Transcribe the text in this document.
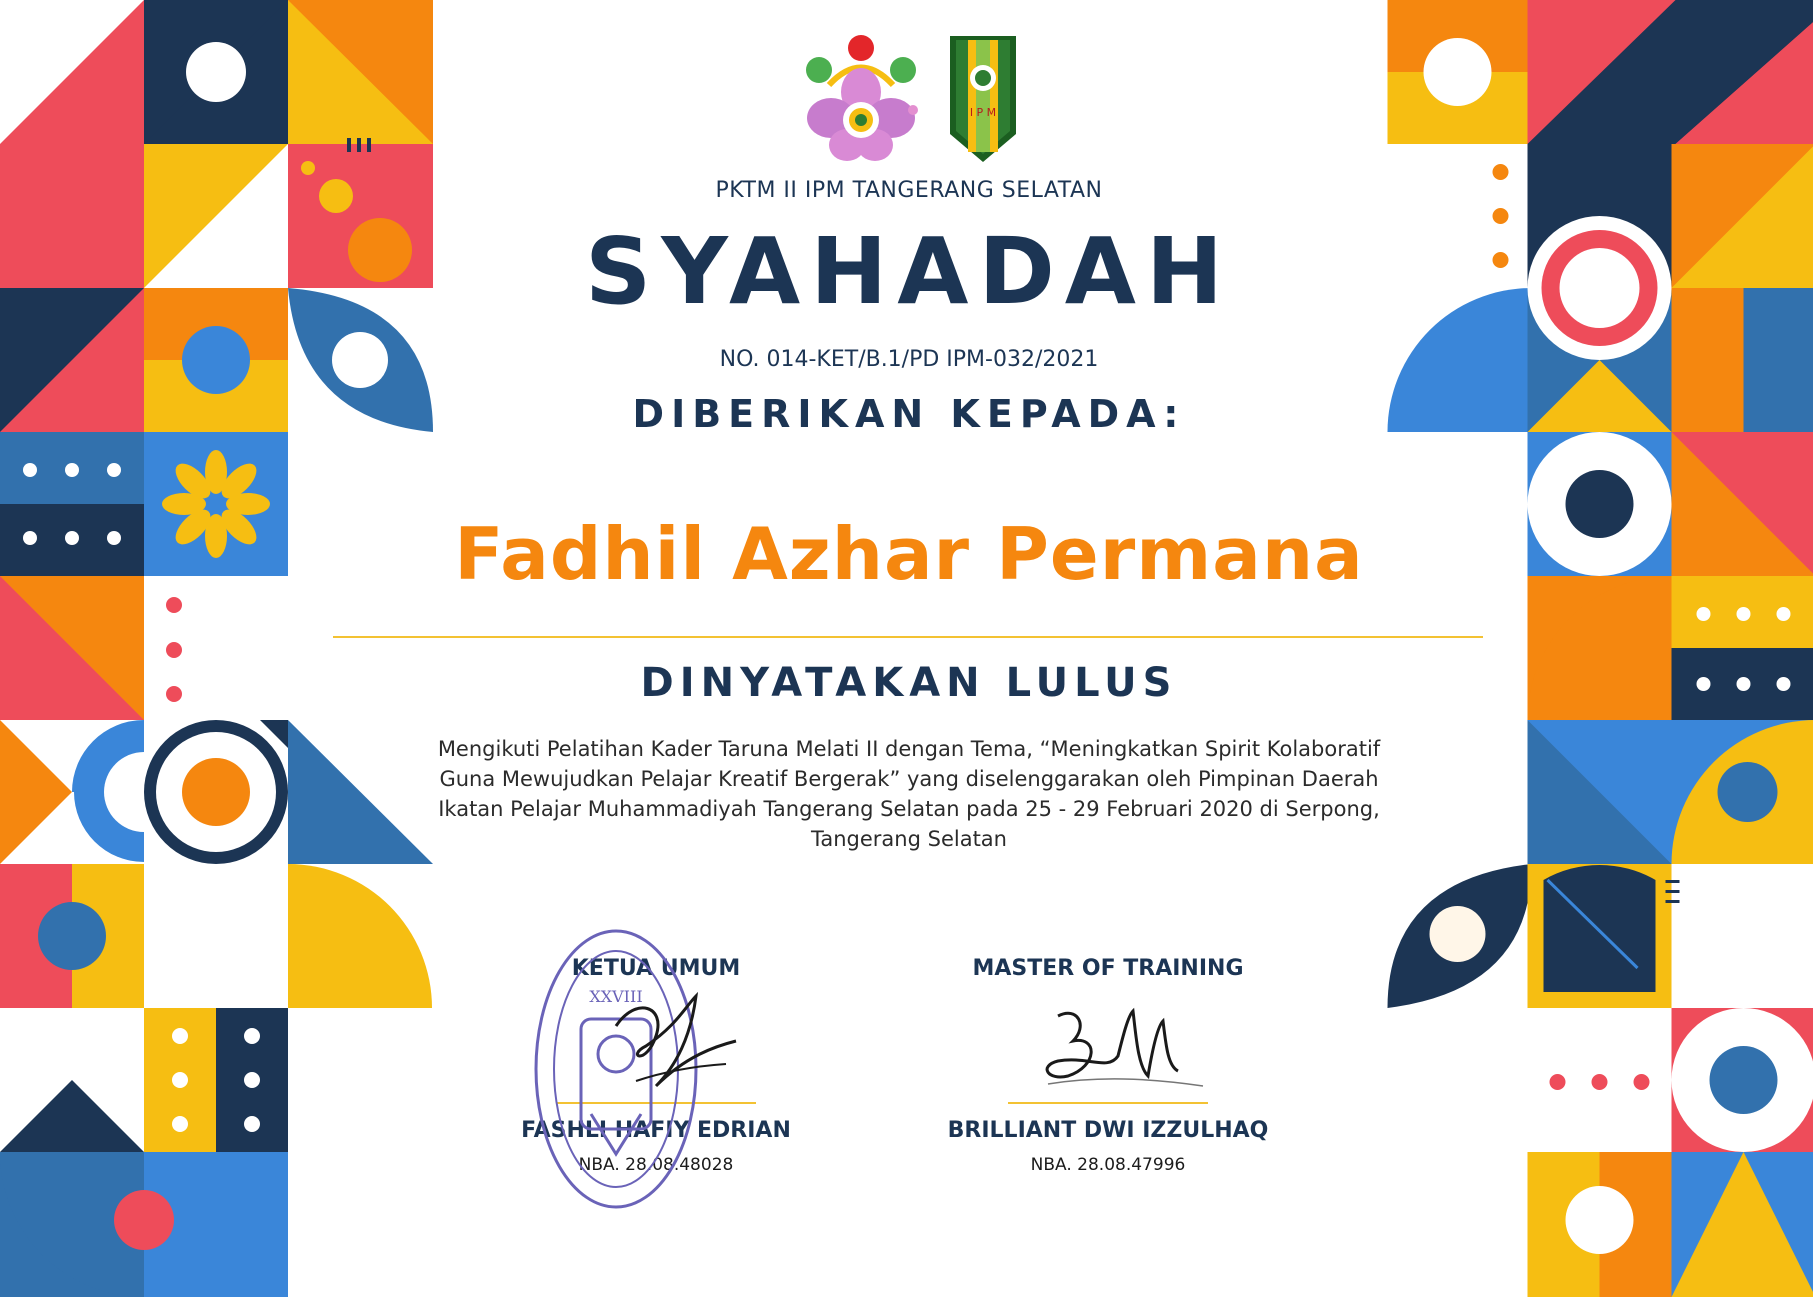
I P M
PKTM II IPM TANGERANG SELATAN
SYAHADAH
NO. 014-KET/B.1/PD IPM-032/2021
DIBERIKAN KEPADA:
Fadhil Azhar Permana
DINYATAKAN LULUS
Mengikuti Pelatihan Kader Taruna Melati II dengan Tema, “Meningkatkan Spirit Kolaboratif Guna Mewujudkan Pelajar Kreatif Bergerak” yang diselenggarakan oleh Pimpinan Daerah Ikatan Pelajar Muhammadiyah Tangerang Selatan pada 25 - 29 Februari 2020 di Serpong, Tangerang Selatan
KETUA UMUM
XXVIII
FASHLI HAFIY EDRIAN
NBA. 28.08.48028
MASTER OF TRAINING
BRILLIANT DWI IZZULHAQ
NBA. 28.08.47996
